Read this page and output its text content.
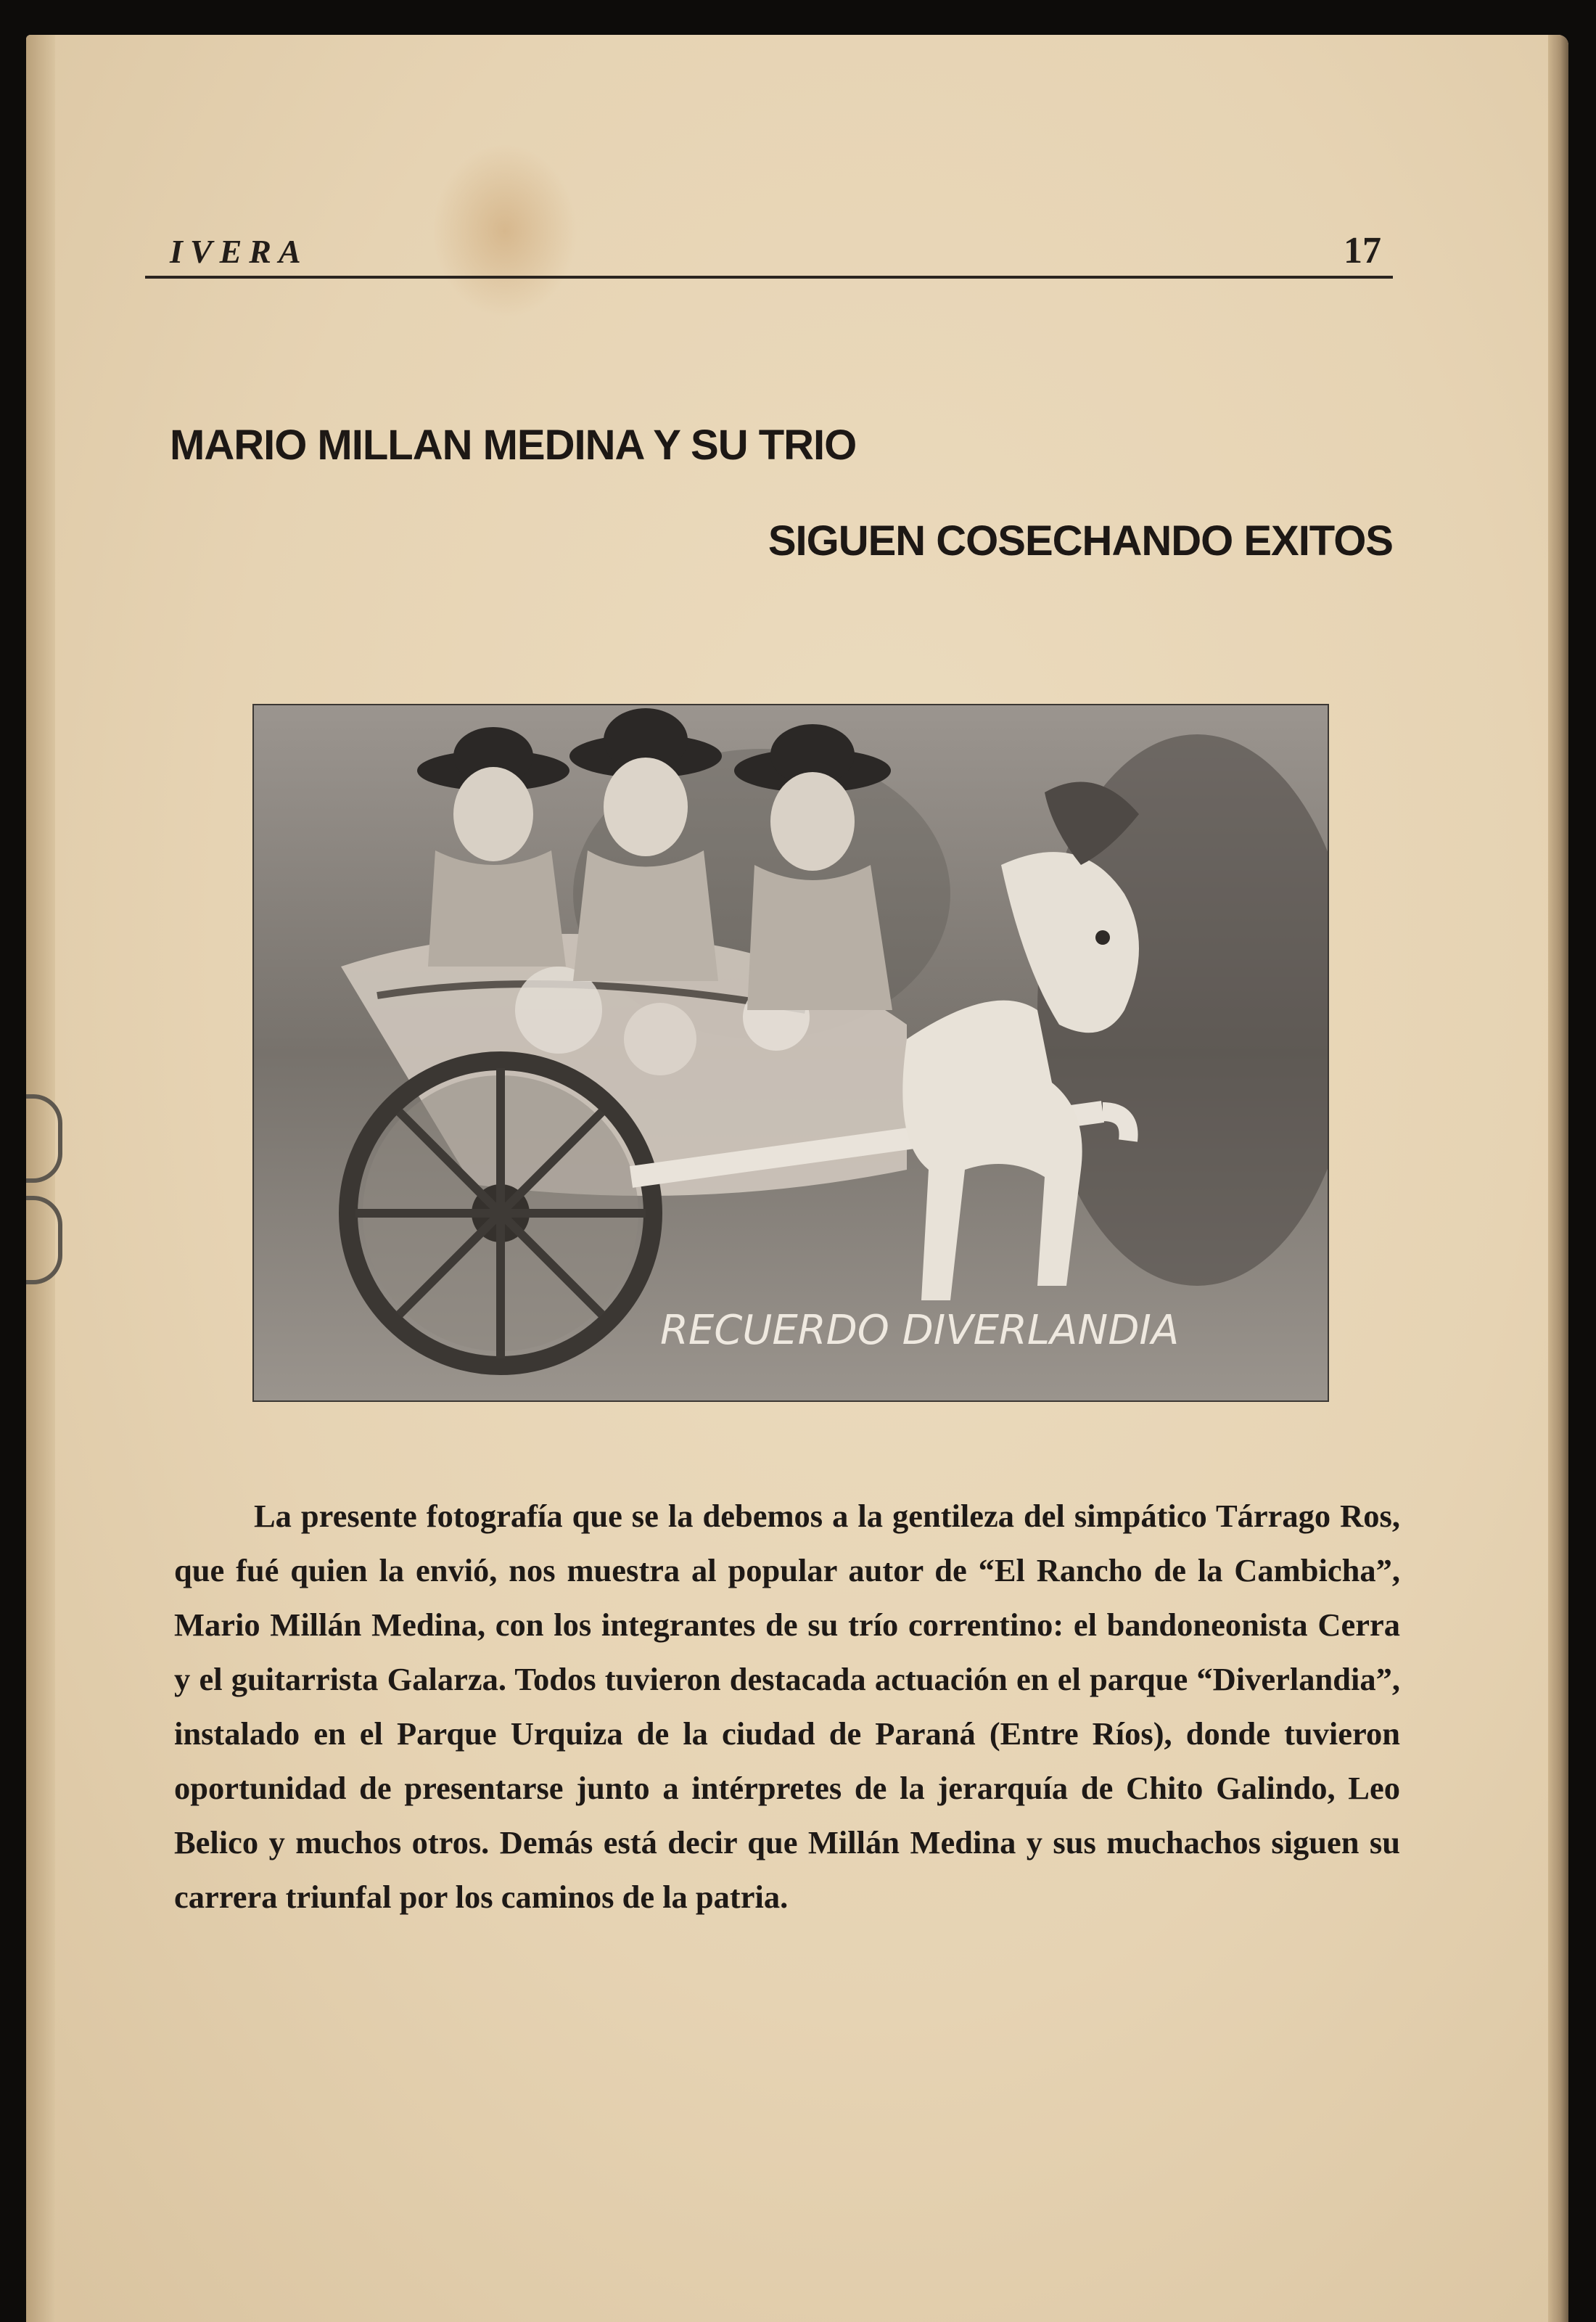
IVERA	17
MARIO MILLAN MEDINA Y SU TRIO
SIGUEN COSECHANDO EXITOS
RECUERDO DIVERLANDIA

La presente fotografía que se la debemos a la gentileza del simpático Tárrago Ros, que fué quien la envió, nos muestra al popular autor de “El Rancho de la Cambicha”, Mario Millán Medina, con los integrantes de su trío correntino: el bandoneonista Cerra y el guitarrista Galarza. Todos tuvieron destacada actuación en el parque “Diverlandia”, instalado en el Parque Urquiza de la ciudad de Paraná (Entre Ríos), donde tuvieron oportunidad de presentarse junto a intérpretes de la jerarquía de Chito Galindo, Leo Belico y muchos otros. Demás está decir que Millán Medina y sus muchachos siguen su carrera triunfal por los caminos de la patria.
